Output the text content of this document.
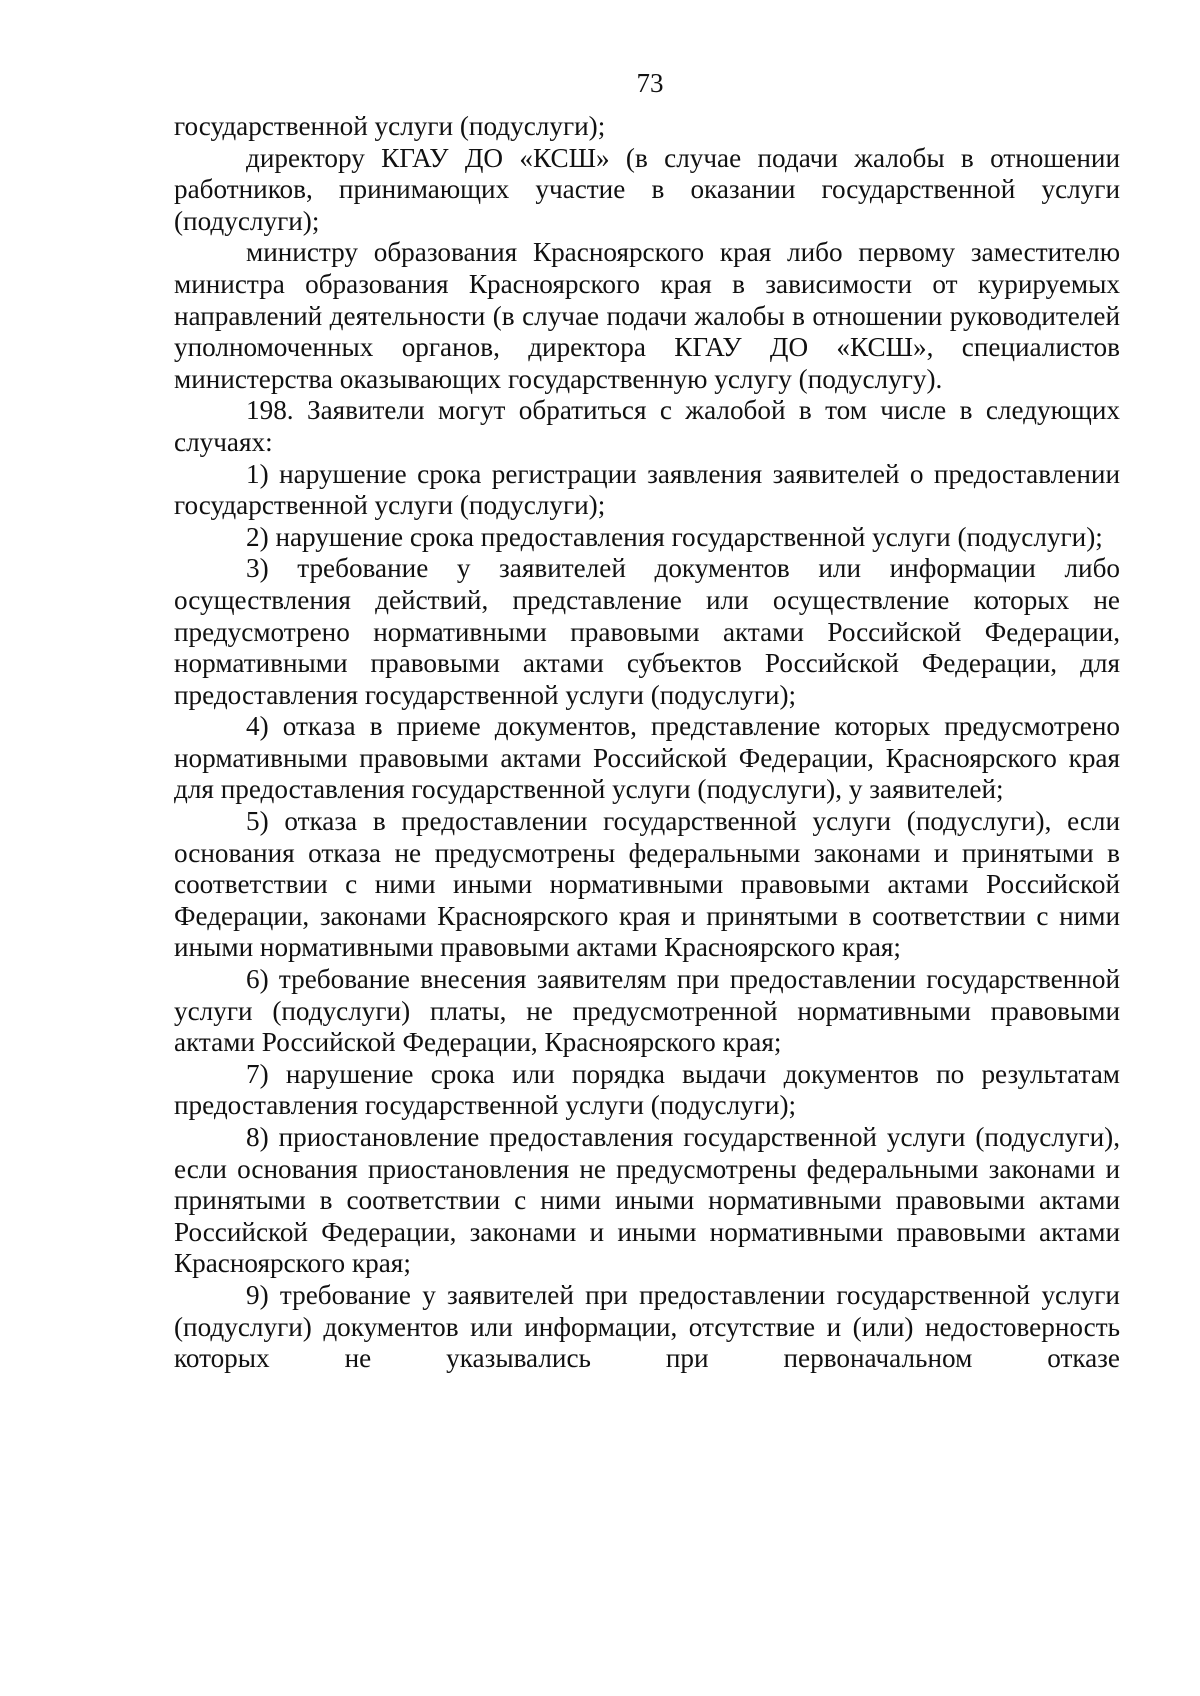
73

государственной услуги (подуслуги);

директору КГАУ ДО «КСШ» (в случае подачи жалобы в отношении работников, принимающих участие в оказании государственной услуги (подуслуги);

министру образования Красноярского края либо первому заместителю министра образования Красноярского края в зависимости от курируемых направлений деятельности (в случае подачи жалобы в отношении руководителей уполномоченных органов, директора КГАУ ДО «КСШ», специалистов министерства оказывающих государственную услугу (подуслугу).

198. Заявители могут обратиться с жалобой в том числе в следующих случаях:

1) нарушение срока регистрации заявления заявителей о предоставлении государственной услуги (подуслуги);

2) нарушение срока предоставления государственной услуги (подуслуги);

3) требование у заявителей документов или информации либо осуществления действий, представление или осуществление которых не предусмотрено нормативными правовыми актами Российской Федерации, нормативными правовыми актами субъектов Российской Федерации, для предоставления государственной услуги (подуслуги);

4) отказа в приеме документов, представление которых предусмотрено нормативными правовыми актами Российской Федерации, Красноярского края для предоставления государственной услуги (подуслуги), у заявителей;

5) отказа в предоставлении государственной услуги (подуслуги), если основания отказа не предусмотрены федеральными законами и принятыми в соответствии с ними иными нормативными правовыми актами Российской Федерации, законами Красноярского края и принятыми в соответствии с ними иными нормативными правовыми актами Красноярского края;

6) требование внесения заявителям при предоставлении государственной услуги (подуслуги) платы, не предусмотренной нормативными правовыми актами Российской Федерации, Красноярского края;

7) нарушение срока или порядка выдачи документов по результатам предоставления государственной услуги (подуслуги);

8) приостановление предоставления государственной услуги (подуслуги), если основания приостановления не предусмотрены федеральными законами и принятыми в соответствии с ними иными нормативными правовыми актами Российской Федерации, законами и иными нормативными правовыми актами Красноярского края;

9) требование у заявителей при предоставлении государственной услуги (подуслуги) документов или информации, отсутствие и (или) недостоверность которых не указывались при первоначальном отказе
